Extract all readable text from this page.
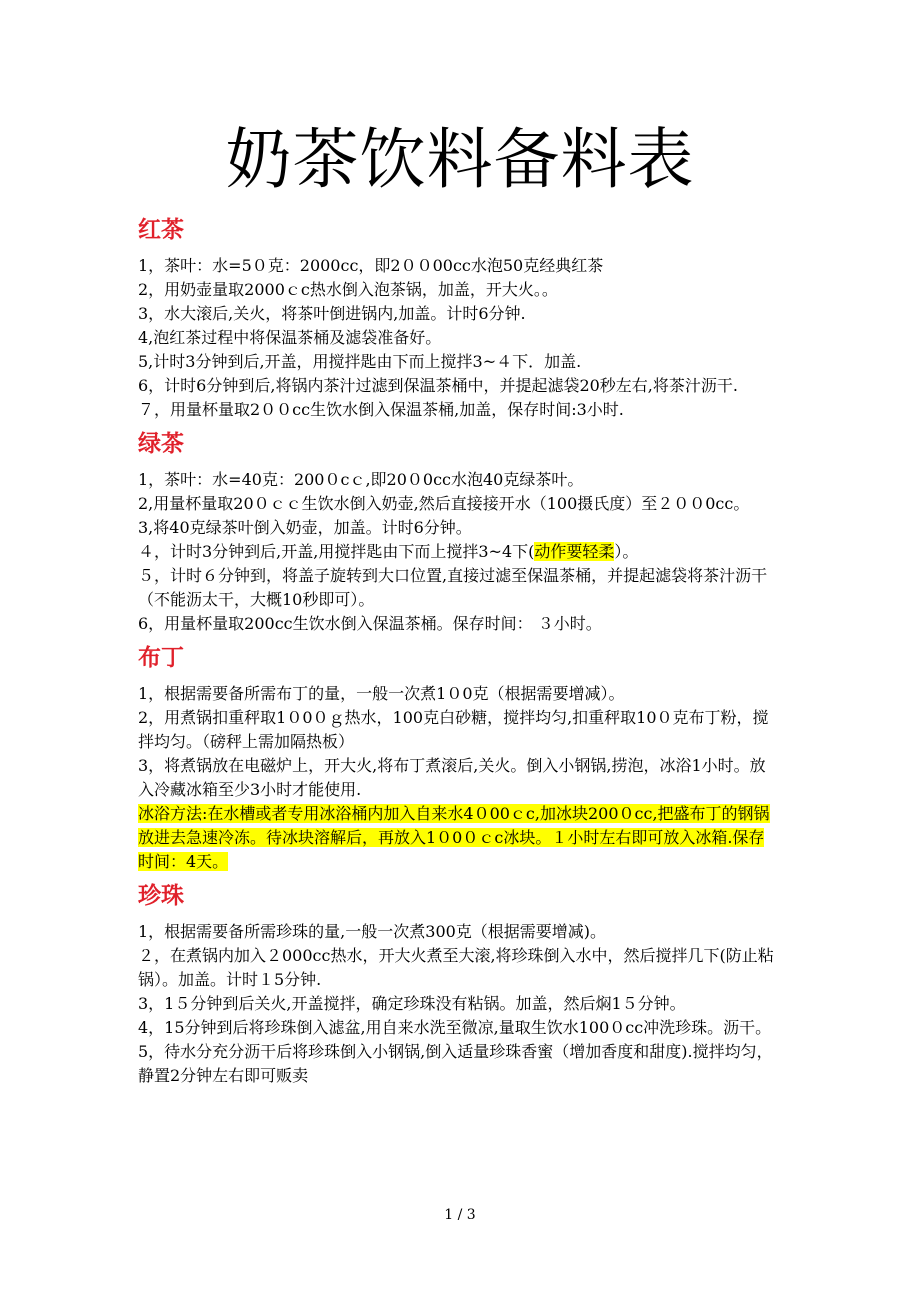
奶茶饮料备料表
红茶
1，茶叶：水=5０克：2000cc，即2００00cc水泡50克经典红茶
2，用奶壶量取2000ｃc热水倒入泡茶锅，加盖，开大火。。
3，水大滚后,关火，将茶叶倒进锅内,加盖。计时6分钟.
4,泡红茶过程中将保温茶桶及滤袋准备好。
5,计时3分钟到后,开盖，用搅拌匙由下而上搅拌3~４下．加盖.
6，计时6分钟到后,将锅内茶汁过滤到保温茶桶中，并提起滤袋20秒左右,将茶汁沥干.
７，用量杯量取2００cc生饮水倒入保温茶桶,加盖，保存时间:3小时.
绿茶
1，茶叶：水=40克：200０cｃ,即20０0cc水泡40克绿茶叶。
2,用量杯量取20０ｃｃ生饮水倒入奶壶,然后直接接开水（100摄氏度）至２００0cc。
3,将40克绿茶叶倒入奶壶，加盖。计时6分钟。
４，计时3分钟到后,开盖,用搅拌匙由下而上搅拌3~4下(动作要轻柔）。
５，计时６分钟到，将盖子旋转到大口位置,直接过滤至保温茶桶，并提起滤袋将茶汁沥干（不能沥太干，大概10秒即可）。
6，用量杯量取200cc生饮水倒入保温茶桶。保存时间： ３小时。
布丁
1，根据需要备所需布丁的量，一般一次煮1０0克（根据需要增减）。
2，用煮锅扣重秤取1０0０ｇ热水，100克白砂糖，搅拌均匀,扣重秤取10０克布丁粉，搅拌均匀。（磅秤上需加隔热板）
3，将煮锅放在电磁炉上，开大火,将布丁煮滚后,关火。倒入小钢锅,捞泡，冰浴1小时。放入冷藏冰箱至少3小时才能使用.
冰浴方法:在水槽或者专用冰浴桶内加入自来水4０00ｃc,加冰块200０cc,把盛布丁的钢锅放进去急速冷冻。待冰块溶解后，再放入1０0０ｃc冰块。１小时左右即可放入冰箱.保存时间：4天。
珍珠
1，根据需要备所需珍珠的量,一般一次煮300克（根据需要增减)。
２，在煮锅内加入２000cc热水，开大火煮至大滚,将珍珠倒入水中，然后搅拌几下(防止粘锅）。加盖。计时１5分钟.
3，1５分钟到后关火,开盖搅拌，确定珍珠没有粘锅。加盖，然后焖1５分钟。
4，15分钟到后将珍珠倒入滤盆,用自来水洗至微凉,量取生饮水100０cc冲洗珍珠。沥干。
5，待水分充分沥干后将珍珠倒入小钢锅,倒入适量珍珠香蜜（增加香度和甜度).搅拌均匀，静置2分钟左右即可贩卖
1 / 3
